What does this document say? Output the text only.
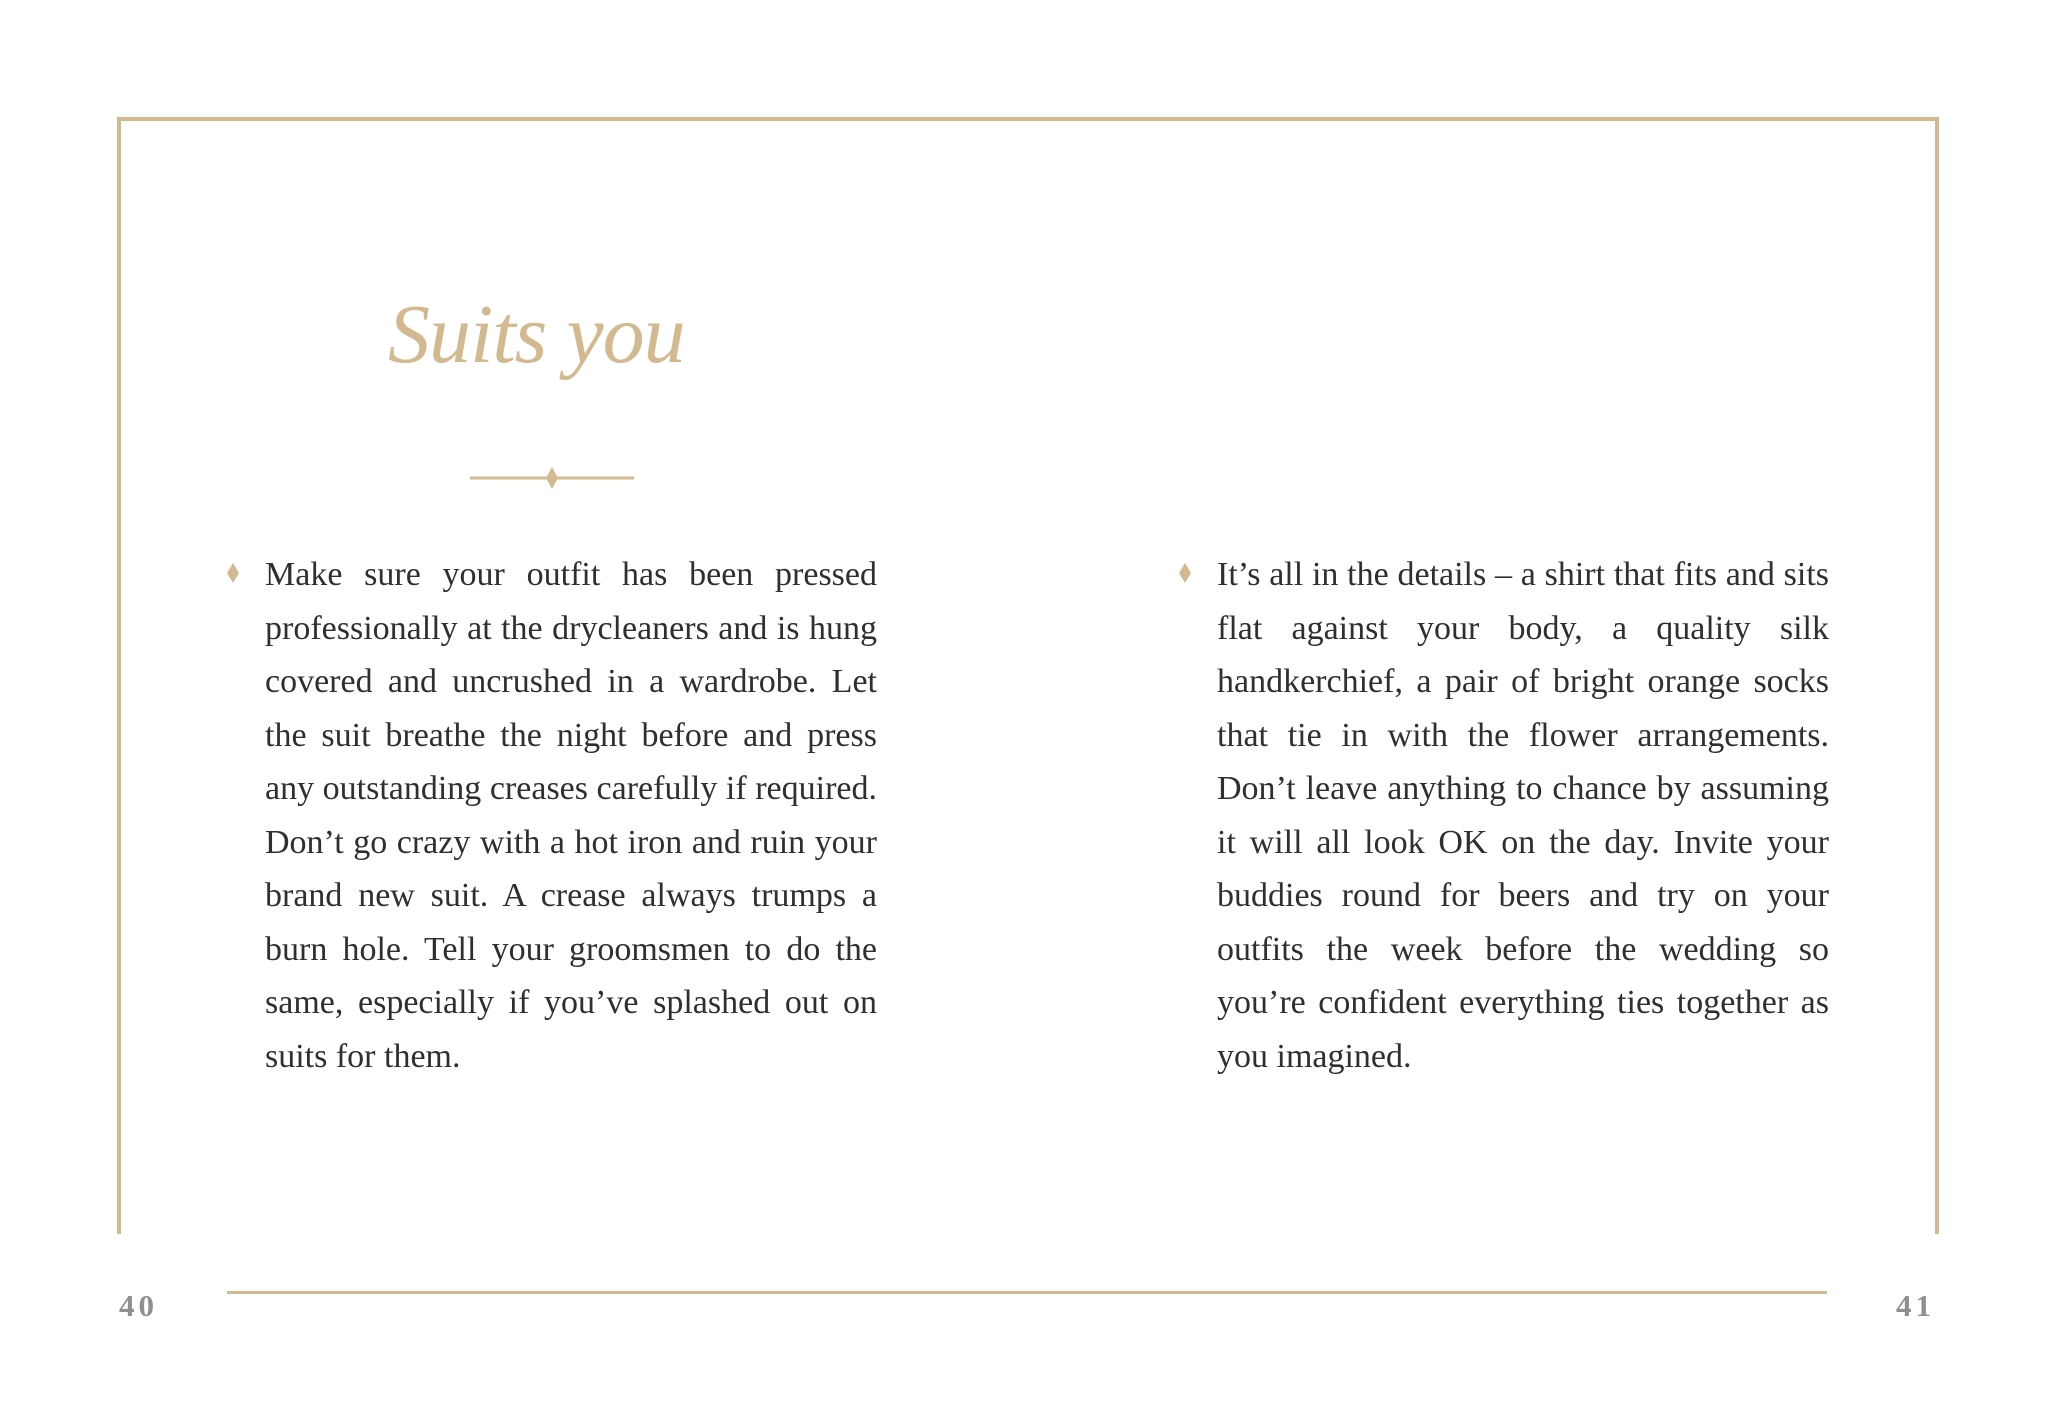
Suits you

Make sure your outfit has been pressed professionally at the drycleaners and is hung covered and uncrushed in a wardrobe. Let the suit breathe the night before and press any outstanding creases carefully if required. Don’t go crazy with a hot iron and ruin your brand new suit. A crease always trumps a burn hole. Tell your groomsmen to do the same, especially if you’ve splashed out on suits for them.

It’s all in the details – a shirt that fits and sits flat against your body, a quality silk handkerchief, a pair of bright orange socks that tie in with the flower arrangements. Don’t leave anything to chance by assuming it will all look OK on the day. Invite your buddies round for beers and try on your outfits the week before the wedding so you’re confident everything ties together as you imagined.

40	41
